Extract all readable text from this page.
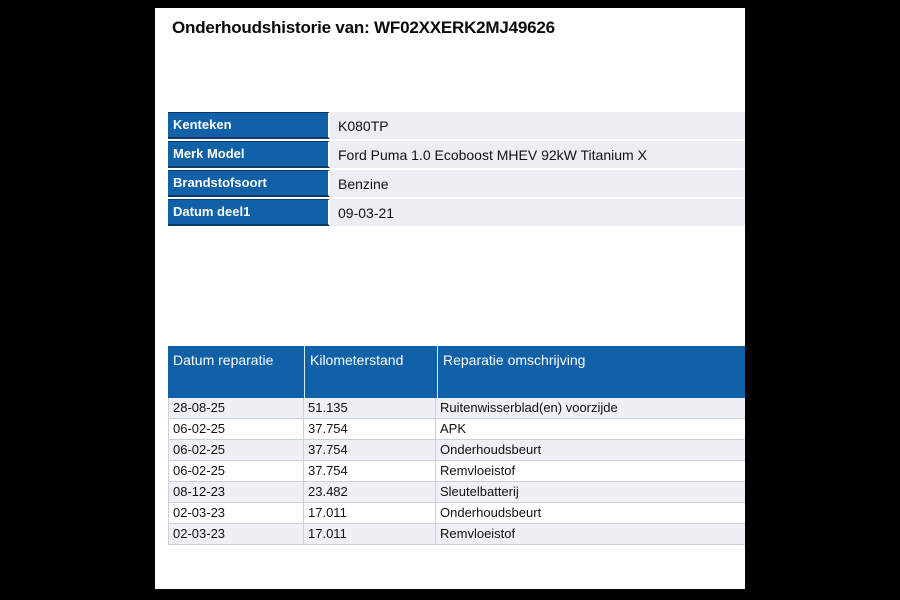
Onderhoudshistorie van: WF02XXERK2MJ49626
Kenteken	K080TP
Merk Model	Ford Puma 1.0 Ecoboost MHEV 92kW Titanium X
Brandstofsoort	Benzine
Datum deel1	09-03-21
Datum reparatie	Kilometerstand	Reparatie omschrijving
28-08-25	51.135	Ruitenwisserblad(en) voorzijde
06-02-25	37.754	APK
06-02-25	37.754	Onderhoudsbeurt
06-02-25	37.754	Remvloeistof
08-12-23	23.482	Sleutelbatterij
02-03-23	17.011	Onderhoudsbeurt
02-03-23	17.011	Remvloeistof
